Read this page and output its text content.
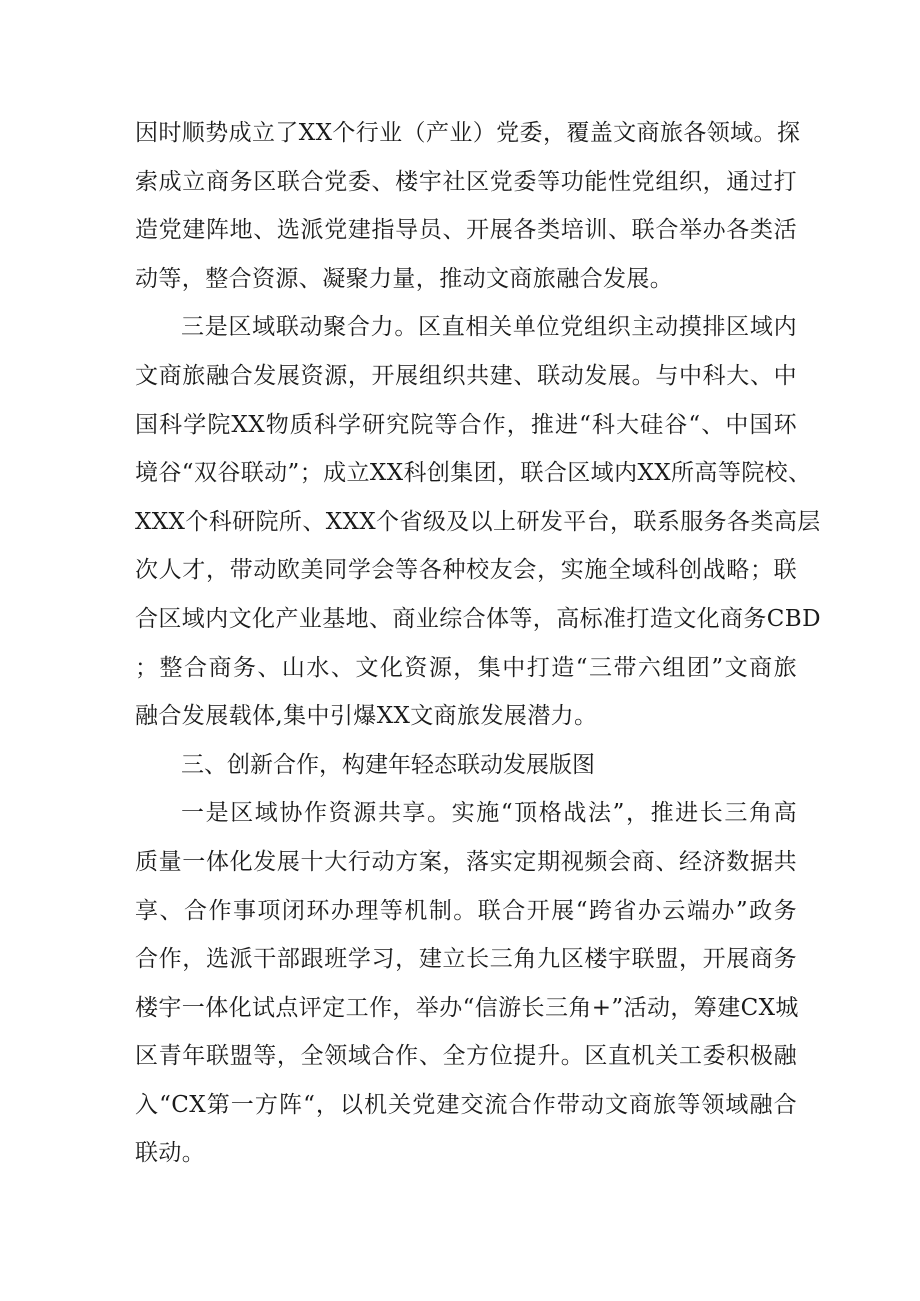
因时顺势成立了XX个行业（产业）党委，覆盖文商旅各领域。探
索成立商务区联合党委、楼宇社区党委等功能性党组织，通过打
造党建阵地、选派党建指导员、开展各类培训、联合举办各类活
动等，整合资源、凝聚力量，推动文商旅融合发展。
三是区域联动聚合力。区直相关单位党组织主动摸排区域内
文商旅融合发展资源，开展组织共建、联动发展。与中科大、中
国科学院XX物质科学研究院等合作，推进“科大硅谷“、中国环
境谷“双谷联动”；成立XX科创集团，联合区域内XX所高等院校、
XXX个科研院所、XXX个省级及以上研发平台，联系服务各类高层
次人才，带动欧美同学会等各种校友会，实施全域科创战略；联
合区域内文化产业基地、商业综合体等，高标准打造文化商务CBD
；整合商务、山水、文化资源，集中打造“三带六组团”文商旅
融合发展载体,集中引爆XX文商旅发展潜力。
三、创新合作，构建年轻态联动发展版图
一是区域协作资源共享。实施“顶格战法”，推进长三角高
质量一体化发展十大行动方案，落实定期视频会商、经济数据共
享、合作事项闭环办理等机制。联合开展“跨省办云端办”政务
合作，选派干部跟班学习，建立长三角九区楼宇联盟，开展商务
楼宇一体化试点评定工作，举办“信游长三角+”活动，筹建CX城
区青年联盟等，全领域合作、全方位提升。区直机关工委积极融
入“CX第一方阵“，以机关党建交流合作带动文商旅等领域融合
联动。
